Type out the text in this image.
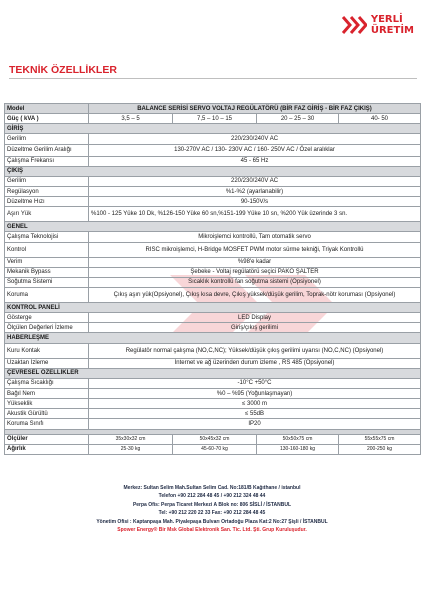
YERLİ
ÜRETİM
TEKNİK ÖZELLİKLER
Model	BALANCE SERİSİ SERVO VOLTAJ REGÜLATÖRÜ (BİR FAZ GİRİŞ - BİR FAZ ÇIKIŞ)			
Güç ( kVA )	3,5 – 5	7,5 – 10 – 15	20 – 25 – 30	40- 50
GİRİŞ				
Gerilim	220/230/240V AC			
Düzeltme Gerilim Aralığı	130-270V AC / 130- 230V AC / 160- 250V AC / Özel aralıklar			
Çalışma Frekansı	45 - 65 Hz			
ÇIKIŞ				
Gerilim	220/230/240V AC			
Regülasyon	%1-%2 (ayarlanabilir)			
Düzeltme Hızı	90-150V/s			
Aşırı Yük	%100 - 125 Yüke 10 Dk, %126-150 Yüke 60 sn,%151-199 Yüke 10 sn, %200 Yük üzerinde 3 sn.			
GENEL				
Çalışma Teknolojisi	Mikroişlemci kontrollü, Tam otomatik servo			
Kontrol	RISC mikroişlemci, H-Bridge MOSFET PWM motor sürme tekniği, Triyak Kontrollü			
Verim	%98'e kadar			
Mekanik Bypass	Şebeke - Voltaj regülatörü seçici PAKO ŞALTER			
Soğutma Sistemi	Sıcaklık kontrollü fan soğutma sistemi (Opsiyonel)			
Koruma	Çıkış aşırı yük(Opsiyonel), Çıkış kısa devre, Çıkış yüksek/düşük gerilim, Toprak-nötr koruması (Opsiyonel)			
KONTROL PANELİ				
Gösterge	LED Display			
Ölçülen Değerleri İzleme	Giriş/çıkış gerilimi			
HABERLEŞME				
Kuru Kontak	Regülatör normal çalışma (NO,C,NC); Yüksek/düşük çıkış gerilimi uyarısı (NO,C,NC) (Opsiyonel)			
Uzaktan İzleme	İnternet ve ağ üzerinden durum izleme , RS 485 (Opsiyonel)			
ÇEVRESEL ÖZELLİKLER				
Çalışma Sıcaklığı	-10°C +50°C			
Bağıl Nem	%0 – %95 (Yoğunlaşmayan)			
Yükseklik	≤ 3000 m			
Akustik Gürültü	≤ 55dB			
Koruma Sınıfı	IP20			

Ölçüler	35x30x32 cm	50x45x32 cm	50x50x75 cm	55x55x75 cm
Ağırlık	25-30 kg	45-60-70 kg	130-160-180 kg	200-250 kg
Merkez: Sultan Selim Mah.Sultan Selim Cad. No:181/B Kağıthane / istanbul
Telefon +90 212 284 48 45 / +90 212 324 48 44
Perpa Ofis: Perpa Ticaret Merkezi A Blok no: 806 SİSLİ / İSTANBUL
Tel: +90 212 220 22 33 Fax: +90 212 284 48 45
Yönetim Ofisi : Kaptanpaşa Mah. Piyalepaşa Bulvarı Ortadoğu Plaza Kat:2 No:27 Şişli / İSTANBUL
Spower Energy® Bir Msk Global Elektronik San. Tic. Ltd. Şti. Grup Kuruluşudur.
